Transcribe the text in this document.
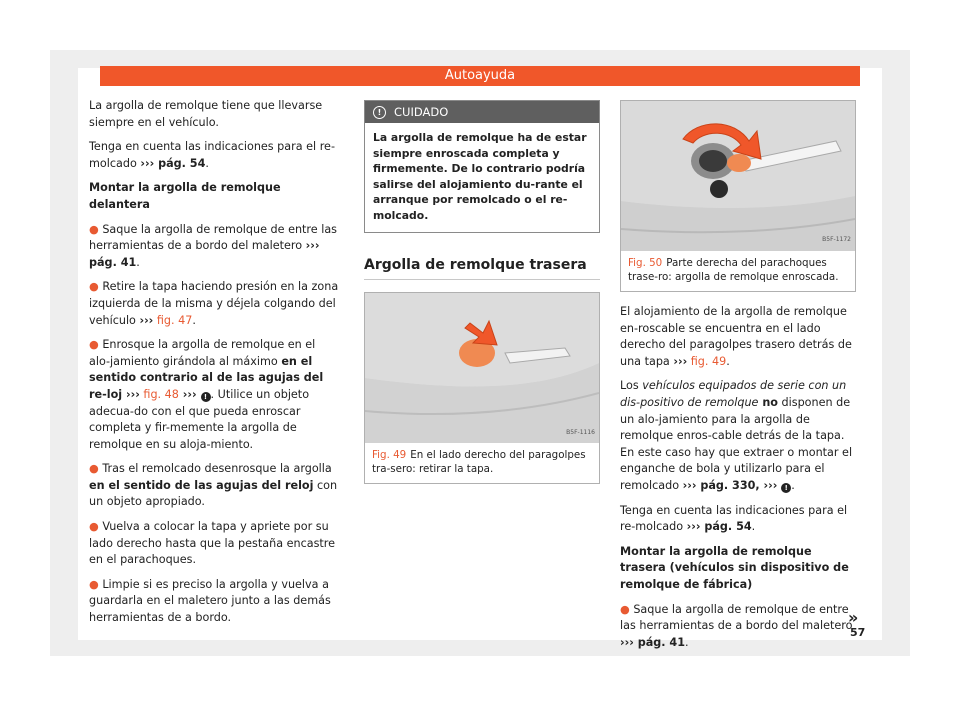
Autoayuda

La argolla de remolque tiene que llevarse siempre en el vehículo.

Tenga en cuenta las indicaciones para el re-molcado ››› pág. 54.

Montar la argolla de remolque delantera

● Saque la argolla de remolque de entre las herramientas de a bordo del maletero ››› pág. 41.

● Retire la tapa haciendo presión en la zona izquierda de la misma y déjela colgando del vehículo ››› fig. 47.

● Enrosque la argolla de remolque en el alo-jamiento girándola al máximo en el sentido contrario al de las agujas del re-loj ››› fig. 48 ››› ! . Utilice un objeto adecua-do con el que pueda enroscar completa y fir-memente la argolla de remolque en su aloja-miento.

● Tras el remolcado desenrosque la argolla en el sentido de las agujas del reloj con un objeto apropiado.

● Vuelva a colocar la tapa y apriete por su lado derecho hasta que la pestaña encastre en el parachoques.

● Limpie si es preciso la argolla y vuelva a guardarla en el maletero junto a las demás herramientas de a bordo.

!	CUIDADO
La argolla de remolque ha de estar siempre enroscada completa y firmemente. De lo contrario podría salirse del alojamiento du-rante el arranque por remolcado o el re-molcado.
Argolla de remolque trasera
B5F-1116
Fig. 49 En el lado derecho del paragolpes tra-sero: retirar la tapa.
B5F-1172
Fig. 50 Parte derecha del parachoques trase-ro: argolla de remolque enroscada.

El alojamiento de la argolla de remolque en-roscable se encuentra en el lado derecho del paragolpes trasero detrás de una tapa ››› fig. 49.

Los vehículos equipados de serie con un dis-positivo de remolque no disponen de un alo-jamiento para la argolla de remolque enros-cable detrás de la tapa. En este caso hay que extraer o montar el enganche de bola y utilizarlo para el remolcado ››› pág. 330, ››› ! .

Tenga en cuenta las indicaciones para el re-molcado ››› pág. 54.

Montar la argolla de remolque trasera (vehículos sin dispositivo de remolque de fábrica)

● Saque la argolla de remolque de entre las herramientas de a bordo del maletero ››› pág. 41.

»
57
